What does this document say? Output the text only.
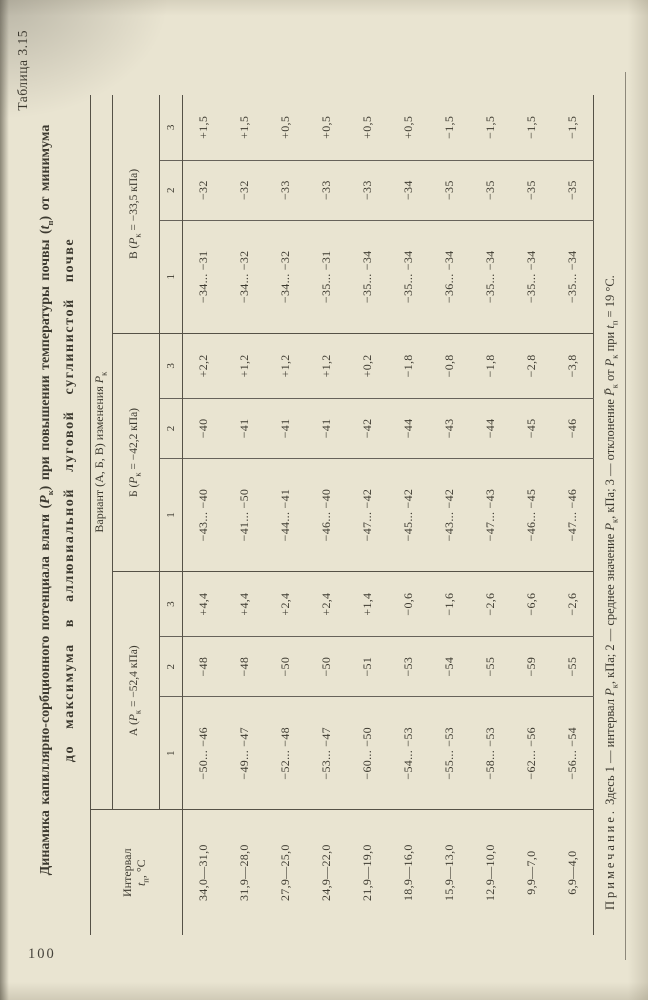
Таблица 3.15
Динамика капиллярно-сорбционного потенциала влаги $(P_к)$ при повышении температуры почвы $(t_п)$ от минимума
до максимума в аллювиальной луговой суглинистой почве
Интервал
$t_п$, °C	Вариант (А, Б, В) изменения $P_к$
	А ($P_к = -52,4$ кПа)			Б ($P_к = -42,2$ кПа)			В ($P_к = -33,5$ кПа)		
	1	2	3	1	2	3	1	2	3
34,0—31,0	−50... −46	−48	+4,4	−43... −40	−40	+2,2	−34... −31	−32	+1,5
31,9—28,0	−49... −47	−48	+4,4	−41... −50	−41	+1,2	−34... −32	−32	+1,5
27,9—25,0	−52... −48	−50	+2,4	−44... −41	−41	+1,2	−34... −32	−33	+0,5
24,9—22,0	−53... −47	−50	+2,4	−46... −40	−41	+1,2	−35... −31	−33	+0,5
21,9—19,0	−60... −50	−51	+1,4	−47... −42	−42	+0,2	−35... −34	−33	+0,5
18,9—16,0	−54... −53	−53	−0,6	−45... −42	−44	−1,8	−35... −34	−34	+0,5
15,9—13,0	−55... −53	−54	−1,6	−43... −42	−43	−0,8	−36... −34	−35	−1,5
12,9—10,0	−58... −53	−55	−2,6	−47... −43	−44	−1,8	−35... −34	−35	−1,5
9,9—7,0	−62... −56	−59	−6,6	−46... −45	−45	−2,8	−35... −34	−35	−1,5
6,9—4,0	−56... −54	−55	−2,6	−47... −46	−46	−3,8	−35... −34	−35	−1,5
Примечание. Здесь 1 — интервал $P_к$, кПа; 2 — среднее значение $P_к$, кПа; 3 — отклонение $P̄_к$ от $P_к$ при $t_п = 19$ °C.
100
